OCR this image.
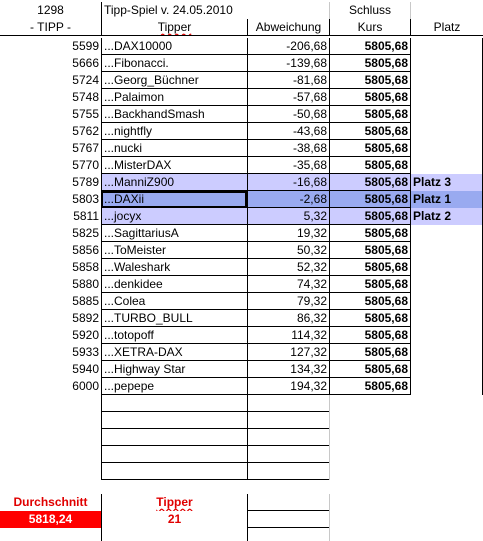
1298	Tipp-Spiel v. 24.05.2010	Schluss
- TIPP -	Tipper	Abweichung	Kurs	Platz
5599 ...DAX10000	-206,68	5805,68
5666 ...Fibonacci.	-139,68	5805,68
5724 ...Georg_Büchner	-81,68	5805,68
5748 ...Palaimon	-57,68	5805,68
5755 ...BackhandSmash	-50,68	5805,68
5762 ...nightfly	-43,68	5805,68
5767 ...nucki	-38,68	5805,68
5770 ...MisterDAX	-35,68	5805,68
5789 ...ManniZ900	-16,68	5805,68 Platz 3
5803 ...DAXii	-2,68	5805,68 Platz 1
5811 ...jocyx	5,32	5805,68 Platz 2
5825 ...SagittariusA	19,32	5805,68
5856 ...ToMeister	50,32	5805,68
5858 ...Waleshark	52,32	5805,68
5880 ...denkidee	74,32	5805,68
5885 ...Colea	79,32	5805,68
5892 ...TURBO_BULL	86,32	5805,68
5920 ...totopoff	114,32	5805,68
5933 ...XETRA-DAX	127,32	5805,68
5940 ...Highway Star	134,32	5805,68
6000 ...pepepe	194,32	5805,68
Durchschnitt	Tipper
5818,24	21
